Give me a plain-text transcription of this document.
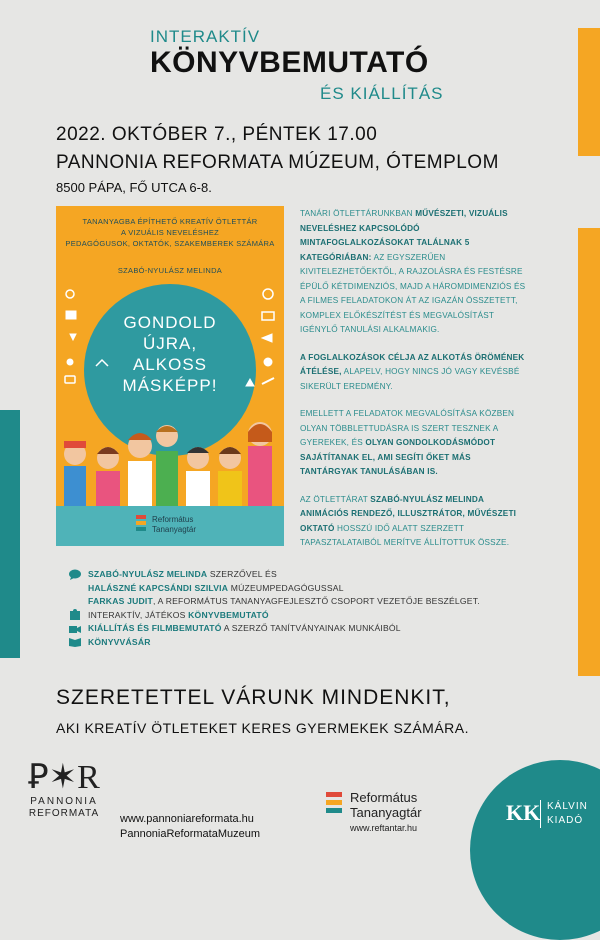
INTERAKTÍV
KÖNYVBEMUTATÓ
ÉS KIÁLLÍTÁS
2022. OKTÓBER 7., PÉNTEK 17.00
PANNONIA REFORMATA MÚZEUM, ÓTEMPLOM
8500 PÁPA, FŐ UTCA 6-8.
TANANYAGBA ÉPÍTHETŐ KREATÍV ÖTLETTÁR
A VIZUÁLIS NEVELÉSHEZ
PEDAGÓGUSOK, OKTATÓK, SZAKEMBEREK SZÁMÁRA
SZABÓ-NYULÁSZ MELINDA
GONDOLD
ÚJRA,
ALKOSS
MÁSKÉPP!
Református
Tananyagtár

TANÁRI ÖTLETTÁRUNKBAN MŰVÉSZETI, VIZUÁLIS NEVELÉSHEZ KAPCSOLÓDÓ MINTAFOGLALKOZÁSOKAT TALÁLNAK 5 KATEGÓRIÁBAN: AZ EGYSZERŰEN KIVITELEZHETŐEKTŐL, A RAJZOLÁSRA ÉS FESTÉSRE ÉPÜLŐ KÉTDIMENZIÓS, MAJD A HÁROMDIMENZIÓS ÉS A FILMES FELADATOKON ÁT AZ IGAZÁN ÖSSZETETT, KOMPLEX ELŐKÉSZÍTÉST ÉS MEGVALÓSÍTÁST IGÉNYLŐ TANULÁSI ALKALMAKIG.

A FOGLALKOZÁSOK CÉLJA AZ ALKOTÁS ÖRÖMÉNEK ÁTÉLÉSE, ALAPELV, HOGY NINCS JÓ VAGY KEVÉSBÉ SIKERÜLT EREDMÉNY.

EMELLETT A FELADATOK MEGVALÓSÍTÁSA KÖZBEN OLYAN TÖBBLETTUDÁSRA IS SZERT TESZNEK A GYEREKEK, ÉS OLYAN GONDOLKODÁSMÓDOT SAJÁTÍTANAK EL, AMI SEGÍTI ŐKET MÁS TANTÁRGYAK TANULÁSÁBAN IS.

AZ ÖTLETTÁRAT SZABÓ-NYULÁSZ MELINDA ANIMÁCIÓS RENDEZŐ, ILLUSZTRÁTOR, MŰVÉSZETI OKTATÓ HOSSZÚ IDŐ ALATT SZERZETT TAPASZTALATAIBÓL MERÍTVE ÁLLÍTOTTUK ÖSSZE.

SZABÓ-NYULÁSZ MELINDA SZERZŐVEL ÉS
HALÁSZNÉ KAPCSÁNDI SZILVIA MÚZEUMPEDAGÓGUSSAL
FARKAS JUDIT, A REFORMÁTUS TANANYAGFEJLESZTŐ CSOPORT VEZETŐJE BESZÉLGET.
INTERAKTÍV, JÁTÉKOS KÖNYVBEMUTATÓ
KIÁLLÍTÁS ÉS FILMBEMUTATÓ A SZERZŐ TANÍTVÁNYAINAK MUNKÁIBÓL
KÖNYVVÁSÁR
SZERETETTEL VÁRUNK MINDENKIT,
AKI KREATÍV ÖTLETEKET KERES GYERMEKEK SZÁMÁRA.
Ꝑ✶R
PANNONIA
REFORMATA	www.pannoniareformata.hu
PannoniaReformataMuzeum
Református
Tananyagtár
www.reftantar.hu
KK KÁLVIN
KIADÓ
